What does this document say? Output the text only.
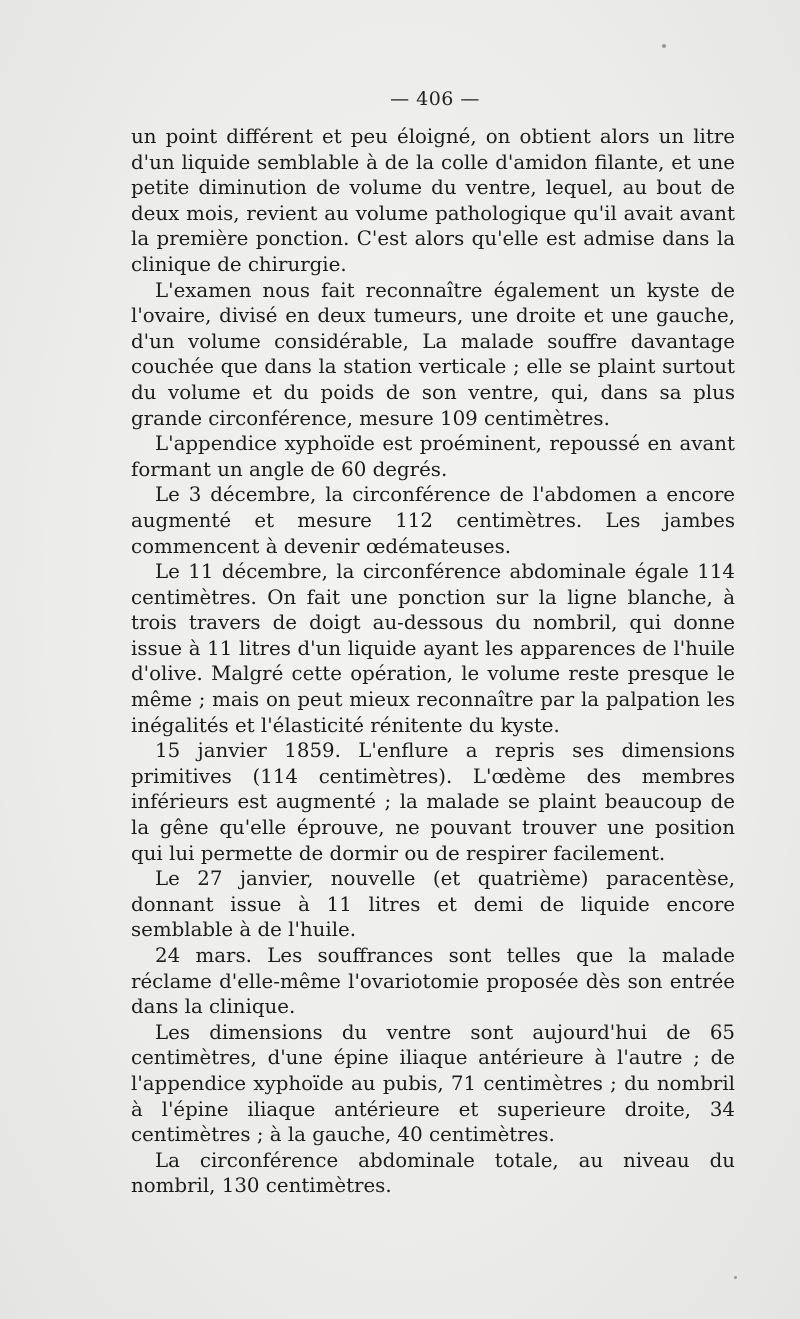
— 406 —

un point différent et peu éloigné, on obtient alors un litre d'un liquide semblable à de la colle d'amidon filante, et une petite diminution de volume du ventre, lequel, au bout de deux mois, revient au volume pathologique qu'il avait avant la première ponction. C'est alors qu'elle est admise dans la clinique de chirurgie.

L'examen nous fait reconnaître également un kyste de l'ovaire, divisé en deux tumeurs, une droite et une gauche, d'un volume considérable, La malade souffre davantage couchée que dans la station verticale ; elle se plaint surtout du volume et du poids de son ventre, qui, dans sa plus grande circonférence, mesure 109 centimètres.

L'appendice xyphoïde est proéminent, repoussé en avant formant un angle de 60 degrés.

Le 3 décembre, la circonférence de l'abdomen a encore augmenté et mesure 112 centimètres. Les jambes commencent à devenir œdémateuses.

Le 11 décembre, la circonférence abdominale égale 114 centimètres. On fait une ponction sur la ligne blanche, à trois travers de doigt au-dessous du nombril, qui donne issue à 11 litres d'un liquide ayant les apparences de l'huile d'olive. Malgré cette opération, le volume reste presque le même ; mais on peut mieux reconnaître par la palpation les inégalités et l'élasticité rénitente du kyste.

15 janvier 1859. L'enflure a repris ses dimensions primitives (114 centimètres). L'œdème des membres inférieurs est augmenté ; la malade se plaint beaucoup de la gêne qu'elle éprouve, ne pouvant trouver une position qui lui permette de dormir ou de respirer facilement.

Le 27 janvier, nouvelle (et quatrième) paracentèse, donnant issue à 11 litres et demi de liquide encore semblable à de l'huile.

24 mars. Les souffrances sont telles que la malade réclame d'elle-même l'ovariotomie proposée dès son entrée dans la clinique.

Les dimensions du ventre sont aujourd'hui de 65 centimètres, d'une épine iliaque antérieure à l'autre ; de l'appendice xyphoïde au pubis, 71 centimètres ; du nombril à l'épine iliaque antérieure et superieure droite, 34 centimètres ; à la gauche, 40 centimètres.

La circonférence abdominale totale, au niveau du nombril, 130 centimètres.
